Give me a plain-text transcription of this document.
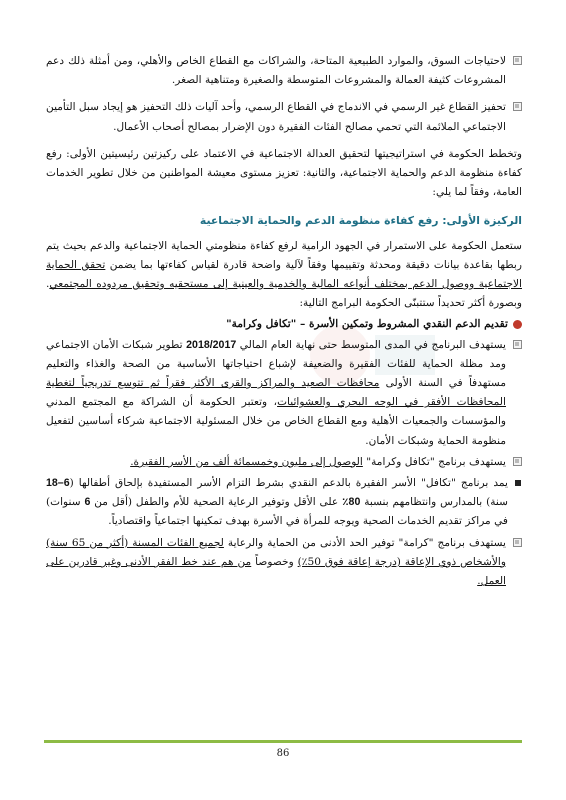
لاحتياجات السوق، والموارد الطبيعية المتاحة، والشراكات مع القطاع الخاص والأهلي، ومن أمثلة ذلك دعم المشروعات كثيفة العمالة والمشروعات المتوسطة والصغيرة ومتناهية الصغر.

تحفيز القطاع غير الرسمي في الاندماج في القطاع الرسمي، وأحد آليات ذلك التحفيز هو إيجاد سبل التأمين الاجتماعي الملائمة التي تحمي مصالح الفئات الفقيرة دون الإضرار بمصالح أصحاب الأعمال.

وتخطط الحكومة في استراتيجيتها لتحقيق العدالة الاجتماعية في الاعتماد على ركيزتين رئيسيتين الأولى: رفع كفاءة منظومة الدعم والحماية الاجتماعية، والثانية: تعزيز مستوى معيشة المواطنين من خلال تطوير الخدمات العامة، وفقاً لما يلي:

الركيزة الأولى: رفع كفاءة منظومة الدعم والحماية الاجتماعية

ستعمل الحكومة على الاستمرار في الجهود الرامية لرفع كفاءة منظومتي الحماية الاجتماعية والدعم بحيث يتم ربطها بقاعدة بيانات دقيقة ومحدثة وتقييمها وفقاً لآلية واضحة قادرة لقياس كفاءتها بما يضمن تحقق الحماية الاجتماعية ووصول الدعم بمختلف أنواعه المالية والخدمية والعينية إلى مستحقيه وتحقيق مردوده المجتمعي. وبصورة أكثر تحديداً ستتبنّى الحكومة البرامج التالية:

تقديم الدعم النقدي المشروط وتمكين الأسرة – "تكافل وكرامة"

يستهدف البرنامج في المدى المتوسط حتى نهاية العام المالي 2018/2017 تطوير شبكات الأمان الاجتماعي ومد مظلة الحماية للفئات الفقيرة والضعيفة لإشباع احتياجاتها الأساسية من الصحة والغذاء والتعليم مستهدفاً في السنة الأولى محافظات الصعيد والمراكز والقرى الأكثر فقراً ثم تتوسع تدريجياً لتغطية المحافظات الأفقر في الوجه البحري والعشوائيات، وتعتبر الحكومة أن الشراكة مع المجتمع المدني والمؤسسات والجمعيات الأهلية ومع القطاع الخاص من خلال المسئولية الاجتماعية شركاء أساسين لتفعيل منظومة الحماية وشبكات الأمان.

يستهدف برنامج "تكافل وكرامة" الوصول إلى مليون وخمسمائة ألف من الأسر الفقيرة.

يمد برنامج "تكافل" الأسر الفقيرة بالدعم النقدي بشرط التزام الأسر المستفيدة بإلحاق أطفالها (6–18 سنة) بالمدارس وانتظامهم بنسبة 80٪ على الأقل وتوفير الرعاية الصحية للأم والطفل (أقل من 6 سنوات) في مراكز تقديم الخدمات الصحية ويوجه للمرأة في الأسرة بهدف تمكينها اجتماعياً واقتصادياً.

يستهدف برنامج "كرامة" توفير الحد الأدنى من الحماية والرعاية لجميع الفئات المسنة (أكثر من 65 سنة) والأشخاص ذوي الإعاقة (درجة إعاقة فوق 50٪) وخصوصاً من هم عند خط الفقر الأدنى وغير قادرين على العمل.

86
